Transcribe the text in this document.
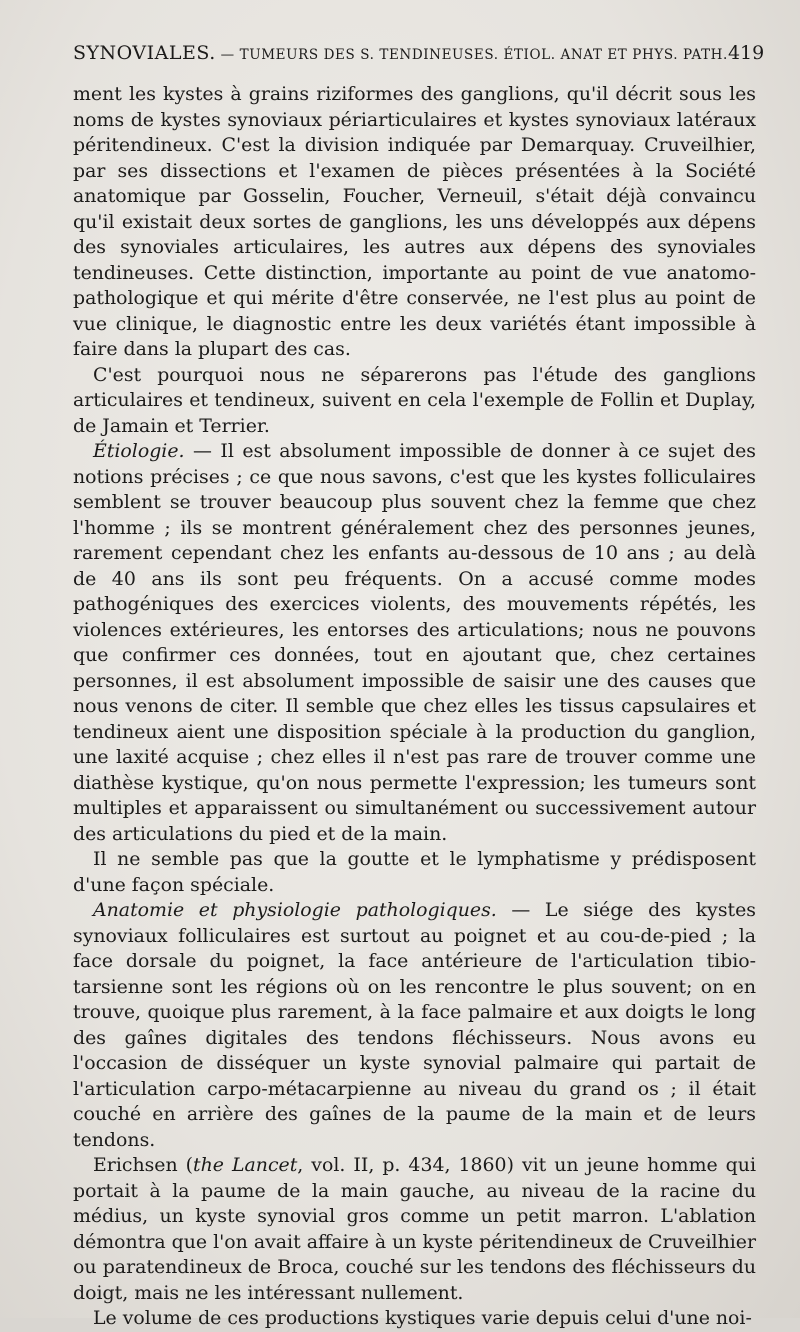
SYNOVIALES. — TUMEURS DES S. TENDINEUSES. ÉTIOL. ANAT ET PHYS. PATH. 419

ment les kystes à grains riziformes des ganglions, qu'il décrit sous les noms de kystes synoviaux périarticulaires et kystes synoviaux latéraux péritendineux. C'est la division indiquée par Demarquay. Cruveilhier, par ses dissections et l'examen de pièces présentées à la Société anatomique par Gosselin, Foucher, Verneuil, s'était déjà convaincu qu'il existait deux sortes de ganglions, les uns développés aux dépens des synoviales articulaires, les autres aux dépens des synoviales tendineuses. Cette distinction, importante au point de vue anatomo-pathologique et qui mérite d'être conservée, ne l'est plus au point de vue clinique, le diagnostic entre les deux variétés étant impossible à faire dans la plupart des cas.

C'est pourquoi nous ne séparerons pas l'étude des ganglions articulaires et tendineux, suivent en cela l'exemple de Follin et Duplay, de Jamain et Terrier.

Étiologie. — Il est absolument impossible de donner à ce sujet des notions précises ; ce que nous savons, c'est que les kystes folliculaires semblent se trouver beaucoup plus souvent chez la femme que chez l'homme ; ils se montrent généralement chez des personnes jeunes, rarement cependant chez les enfants au-dessous de 10 ans ; au delà de 40 ans ils sont peu fréquents. On a accusé comme modes pathogéniques des exercices violents, des mouvements répétés, les violences extérieures, les entorses des articulations; nous ne pouvons que confirmer ces données, tout en ajoutant que, chez certaines personnes, il est absolument impossible de saisir une des causes que nous venons de citer. Il semble que chez elles les tissus capsulaires et tendineux aient une disposition spéciale à la production du ganglion, une laxité acquise ; chez elles il n'est pas rare de trouver comme une diathèse kystique, qu'on nous permette l'expression; les tumeurs sont multiples et apparaissent ou simultanément ou successivement autour des articulations du pied et de la main.

Il ne semble pas que la goutte et le lymphatisme y prédisposent d'une façon spéciale.

Anatomie et physiologie pathologiques. — Le siége des kystes synoviaux folliculaires est surtout au poignet et au cou-de-pied ; la face dorsale du poignet, la face antérieure de l'articulation tibio-tarsienne sont les régions où on les rencontre le plus souvent; on en trouve, quoique plus rarement, à la face palmaire et aux doigts le long des gaînes digitales des tendons fléchisseurs. Nous avons eu l'occasion de disséquer un kyste synovial palmaire qui partait de l'articulation carpo-métacarpienne au niveau du grand os ; il était couché en arrière des gaînes de la paume de la main et de leurs tendons.

Erichsen (the Lancet, vol. II, p. 434, 1860) vit un jeune homme qui portait à la paume de la main gauche, au niveau de la racine du médius, un kyste synovial gros comme un petit marron. L'ablation démontra que l'on avait affaire à un kyste péritendineux de Cruveilhier ou paratendineux de Broca, couché sur les tendons des fléchisseurs du doigt, mais ne les intéressant nullement.

Le volume de ces productions kystiques varie depuis celui d'une noi-
